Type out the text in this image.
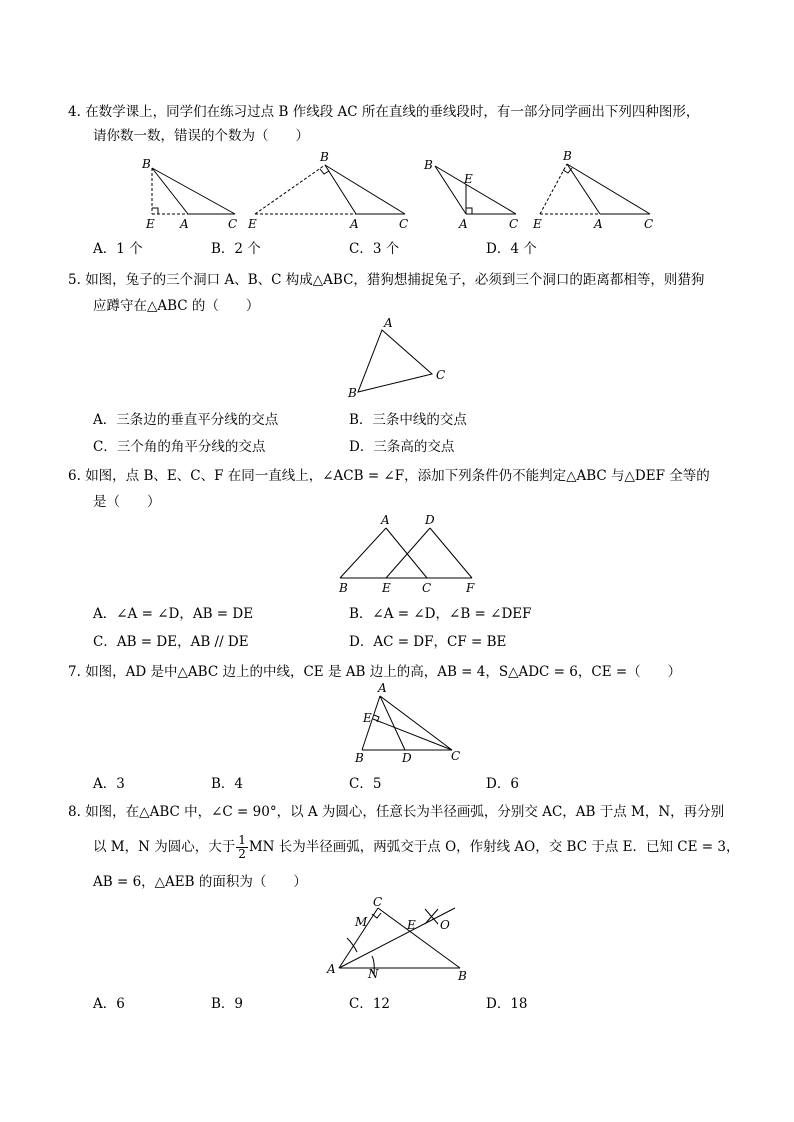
4. 在数学课上，同学们在练习过点 B 作线段 AC 所在直线的垂线段时，有一部分同学画出下列四种图形，
请你数一数，错误的个数为（　　）
B
E A	C
B
E	A	C
B
E
A	C
B
E	A	C
A．1 个	B．2 个	C．3 个	D．4 个
5. 如图，兔子的三个洞口 A、B、C 构成△ABC，猎狗想捕捉兔子，必须到三个洞口的距离都相等，则猎狗
应蹲守在△ABC 的（　　）
A
B
C
A．三条边的垂直平分线的交点	B．三条中线的交点
C．三个角的角平分线的交点	D．三条高的交点
6. 如图，点 B、E、C、F 在同一直线上，∠ACB = ∠F，添加下列条件仍不能判定△ABC 与△DEF 全等的
是（　　）
A	D
B	E	C	F
A．∠A = ∠D，AB = DE	B．∠A = ∠D，∠B = ∠DEF
C．AB = DE，AB // DE	D．AC = DF，CF = BE
7. 如图，AD 是中△ABC 边上的中线，CE 是 AB 边上的高，AB = 4，S△ADC = 6，CE =（　　）
A
E
B	D	C
A．3	B．4	C．5	D．6
8. 如图，在△ABC 中，∠C = 90°，以 A 为圆心，任意长为半径画弧，分别交 AC，AB 于点 M，N，再分别
以 M，N 为圆心，大于 $\frac{1}{2}$ MN 长为半径画弧，两弧交于点 O，作射线 AO，交 BC 于点 E．已知 CE = 3，
AB = 6，△AEB 的面积为（　　）
C
M	E O
A	N	B
A．6	B．9	C．12	D．18
